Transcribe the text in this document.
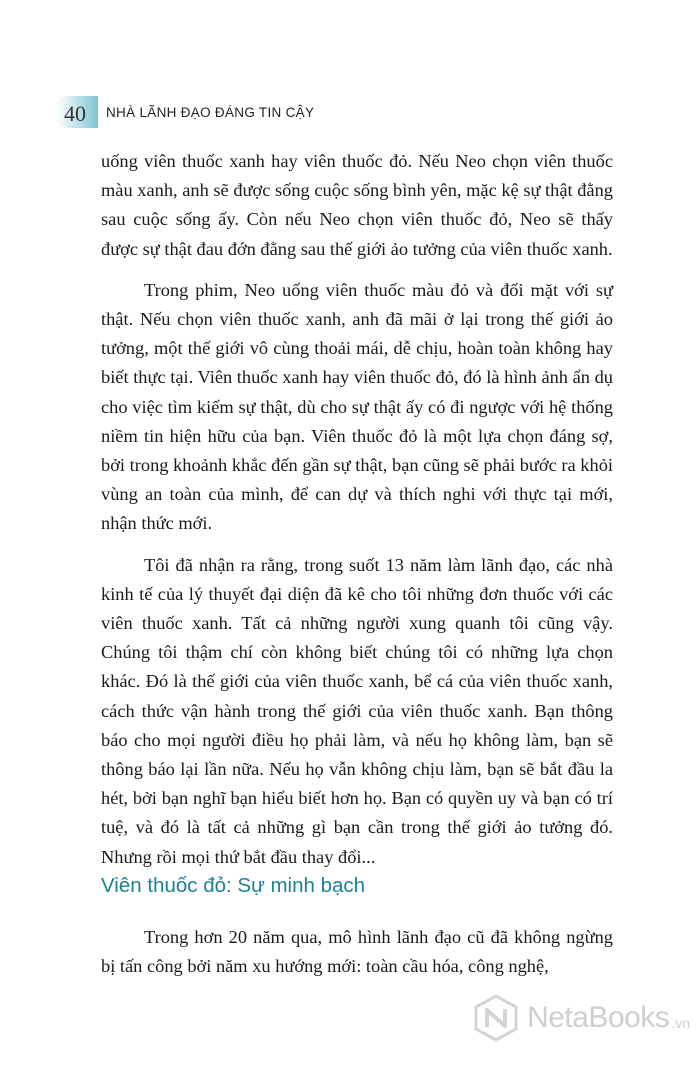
40 NHÀ LÃNH ĐẠO ĐÁNG TIN CẬY

uống viên thuốc xanh hay viên thuốc đỏ. Nếu Neo chọn viên thuốc màu xanh, anh sẽ được sống cuộc sống bình yên, mặc kệ sự thật đằng sau cuộc sống ấy. Còn nếu Neo chọn viên thuốc đỏ, Neo sẽ thấy được sự thật đau đớn đằng sau thế giới ảo tưởng của viên thuốc xanh.

Trong phim, Neo uống viên thuốc màu đỏ và đối mặt với sự thật. Nếu chọn viên thuốc xanh, anh đã mãi ở lại trong thế giới ảo tưởng, một thế giới vô cùng thoải mái, dễ chịu, hoàn toàn không hay biết thực tại. Viên thuốc xanh hay viên thuốc đỏ, đó là hình ảnh ẩn dụ cho việc tìm kiếm sự thật, dù cho sự thật ấy có đi ngược với hệ thống niềm tin hiện hữu của bạn. Viên thuốc đỏ là một lựa chọn đáng sợ, bởi trong khoảnh khắc đến gần sự thật, bạn cũng sẽ phải bước ra khỏi vùng an toàn của mình, để can dự và thích nghi với thực tại mới, nhận thức mới.

Tôi đã nhận ra rằng, trong suốt 13 năm làm lãnh đạo, các nhà kinh tế của lý thuyết đại diện đã kê cho tôi những đơn thuốc với các viên thuốc xanh. Tất cả những người xung quanh tôi cũng vậy. Chúng tôi thậm chí còn không biết chúng tôi có những lựa chọn khác. Đó là thế giới của viên thuốc xanh, bể cá của viên thuốc xanh, cách thức vận hành trong thế giới của viên thuốc xanh. Bạn thông báo cho mọi người điều họ phải làm, và nếu họ không làm, bạn sẽ thông báo lại lần nữa. Nếu họ vẫn không chịu làm, bạn sẽ bắt đầu la hét, bởi bạn nghĩ bạn hiểu biết hơn họ. Bạn có quyền uy và bạn có trí tuệ, và đó là tất cả những gì bạn cần trong thế giới ảo tưởng đó. Nhưng rồi mọi thứ bắt đầu thay đổi...

Viên thuốc đỏ: Sự minh bạch

Trong hơn 20 năm qua, mô hình lãnh đạo cũ đã không ngừng bị tấn công bởi năm xu hướng mới: toàn cầu hóa, công nghệ,

NetaBooks .vn
